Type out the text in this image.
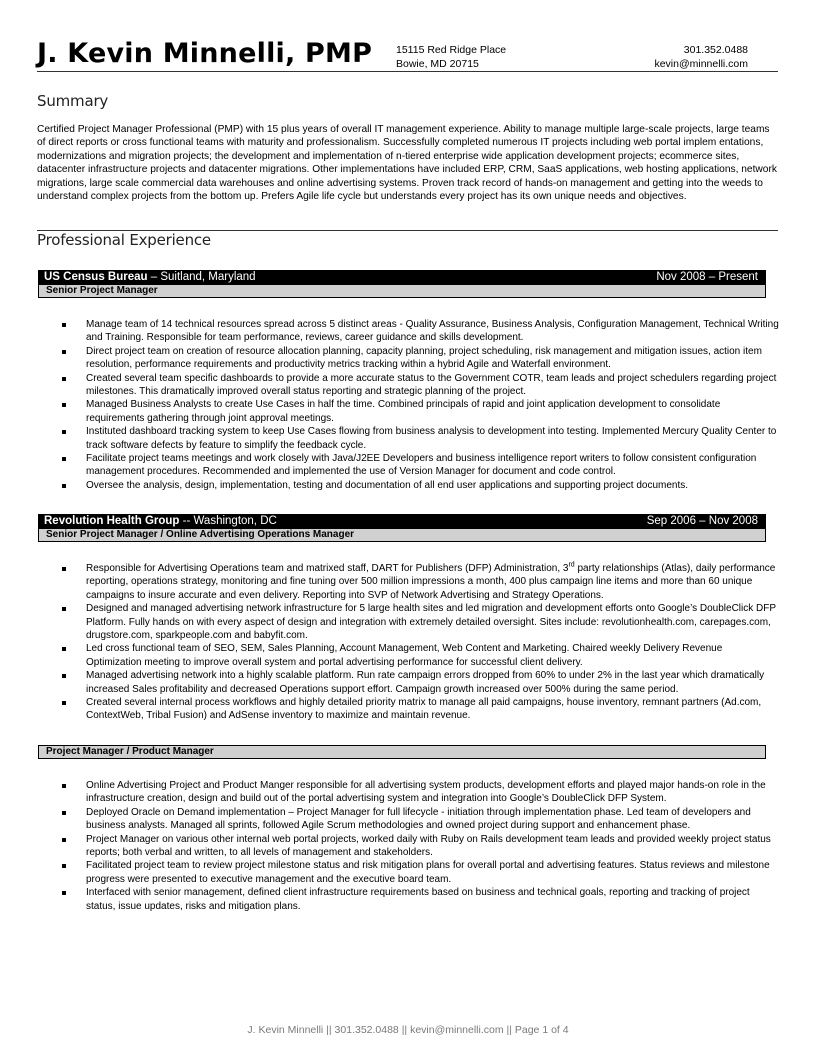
J. Kevin Minnelli, PMP 15115 Red Ridge Place
Bowie, MD 20715
301.352.0488
kevin@minnelli.com
Summary

Certified Project Manager Professional (PMP) with 15 plus years of overall IT management experience. Ability to manage multiple large-scale projects, large teams of direct reports or cross functional teams with maturity and professionalism. Successfully completed numerous IT projects including web portal implem entations, modernizations and migration projects; the development and implementation of n-tiered enterprise wide application development projects; ecommerce sites, datacenter infrastructure projects and datacenter migrations. Other implementations have included ERP, CRM, SaaS applications, web hosting applications, network migrations, large scale commercial data warehouses and online advertising systems. Proven track record of hands-on management and getting into the weeds to understand complex projects from the bottom up. Prefers Agile life cycle but understands every project has its own unique needs and objectives.

Professional Experience
US Census Bureau – Suitland, Maryland	Nov 2008 – Present
Senior Project Manager
Manage team of 14 technical resources spread across 5 distinct areas - Quality Assurance, Business Analysis, Configuration Management, Technical Writing and Training. Responsible for team performance, reviews, career guidance and skills development.
Direct project team on creation of resource allocation planning, capacity planning, project scheduling, risk management and mitigation issues, action item resolution, performance requirements and productivity metrics tracking within a hybrid Agile and Waterfall environment.
Created several team specific dashboards to provide a more accurate status to the Government COTR, team leads and project schedulers regarding project milestones. This dramatically improved overall status reporting and strategic planning of the project.
Managed Business Analysts to create Use Cases in half the time. Combined principals of rapid and joint application development to consolidate requirements gathering through joint approval meetings.
Instituted dashboard tracking system to keep Use Cases flowing from business analysis to development into testing. Implemented Mercury Quality Center to track software defects by feature to simplify the feedback cycle.
Facilitate project teams meetings and work closely with Java/J2EE Developers and business intelligence report writers to follow consistent configuration management procedures. Recommended and implemented the use of Version Manager for document and code control.
Oversee the analysis, design, implementation, testing and documentation of all end user applications and supporting project documents.
Revolution Health Group -- Washington, DC	Sep 2006 – Nov 2008
Senior Project Manager / Online Advertising Operations Manager
Responsible for Advertising Operations team and matrixed staff, DART for Publishers (DFP) Administration, 3rd party relationships (Atlas), daily performance reporting, operations strategy, monitoring and fine tuning over 500 million impressions a month, 400 plus campaign line items and more than 60 unique campaigns to insure accurate and even delivery. Reporting into SVP of Network Advertising and Strategy Operations.
Designed and managed advertising network infrastructure for 5 large health sites and led migration and development efforts onto Google’s DoubleClick DFP Platform. Fully hands on with every aspect of design and integration with extremely detailed oversight. Sites include: revolutionhealth.com, carepages.com, drugstore.com, sparkpeople.com and babyfit.com.
Led cross functional team of SEO, SEM, Sales Planning, Account Management, Web Content and Marketing. Chaired weekly Delivery Revenue Optimization meeting to improve overall system and portal advertising performance for successful client delivery.
Managed advertising network into a highly scalable platform. Run rate campaign errors dropped from 60% to under 2% in the last year which dramatically increased Sales profitability and decreased Operations support effort. Campaign growth increased over 500% during the same period.
Created several internal process workflows and highly detailed priority matrix to manage all paid campaigns, house inventory, remnant partners (Ad.com, ContextWeb, Tribal Fusion) and AdSense inventory to maximize and maintain revenue.
Project Manager / Product Manager
Online Advertising Project and Product Manger responsible for all advertising system products, development efforts and played major hands-on role in the infrastructure creation, design and build out of the portal advertising system and integration into Google’s DoubleClick DFP System.
Deployed Oracle on Demand implementation – Project Manager for full lifecycle - initiation through implementation phase. Led team of developers and business analysts. Managed all sprints, followed Agile Scrum methodologies and owned project during support and enhancement phase.
Project Manager on various other internal web portal projects, worked daily with Ruby on Rails development team leads and provided weekly project status reports; both verbal and written, to all levels of management and stakeholders.
Facilitated project team to review project milestone status and risk mitigation plans for overall portal and advertising features. Status reviews and milestone progress were presented to executive management and the executive board team.
Interfaced with senior management, defined client infrastructure requirements based on business and technical goals, reporting and tracking of project status, issue updates, risks and mitigation plans.
J. Kevin Minnelli || 301.352.0488 || kevin@minnelli.com || Page 1 of 4
